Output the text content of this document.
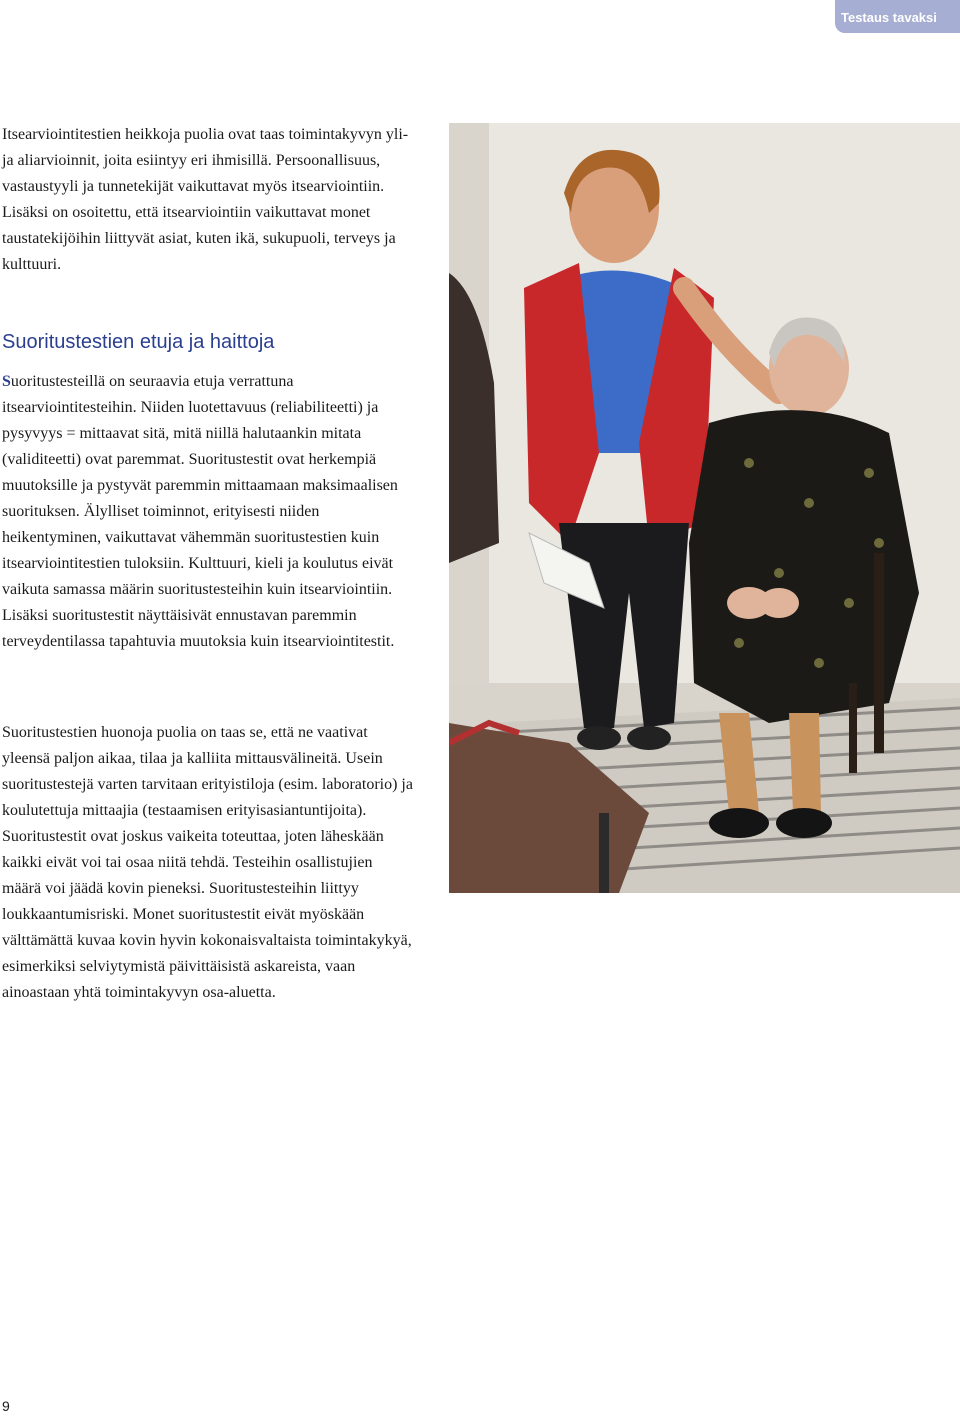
Testaus tavaksi

Itsearviointitestien heikkoja puolia ovat taas toimintakyvyn yli- ja aliarvioinnit, joita esiintyy eri ihmisillä. Persoonallisuus, vastaustyyli ja tunnetekijät vaikuttavat myös itsearviointiin. Lisäksi on osoitettu, että itsearviointiin vaikuttavat monet taustatekijöihin liittyvät asiat, kuten ikä, sukupuoli, terveys ja kulttuuri.

Suoritustestien etuja ja haittoja

Suoritustesteillä on seuraavia etuja verrattuna itsearviointitesteihin. Niiden luotettavuus (reliabiliteetti) ja pysyvyys = mittaavat sitä, mitä niillä halutaankin mitata (validiteetti) ovat paremmat. Suoritustestit ovat herkempiä muutoksille ja pystyvät paremmin mittaamaan maksimaalisen suorituksen. Älylliset toiminnot, erityisesti niiden heikentyminen, vaikuttavat vähemmän suoritustestien kuin itsearviointitestien tuloksiin. Kulttuuri, kieli ja koulutus eivät vaikuta samassa määrin suoritustesteihin kuin itsearviointiin. Lisäksi suoritustestit näyttäisivät ennustavan paremmin terveydentilassa tapahtuvia muutoksia kuin itsearviointitestit.

Suoritustestien huonoja puolia on taas se, että ne vaativat yleensä paljon aikaa, tilaa ja kalliita mittausvälineitä. Usein suoritustestejä varten tarvitaan erityistiloja (esim. laboratorio) ja koulutettuja mittaajia (testaamisen erityisasiantuntijoita). Suoritustestit ovat joskus vaikeita toteuttaa, joten läheskään kaikki eivät voi tai osaa niitä tehdä. Testeihin osallistujien määrä voi jäädä kovin pieneksi. Suoritustesteihin liittyy loukkaantumisriski. Monet suoritustestit eivät myöskään välttämättä kuvaa kovin hyvin kokonaisvaltaista toimintakykyä, esimerkiksi selviytymistä päivittäisistä askareista, vaan ainoastaan yhtä toimintakyvyn osa-aluetta.

9
